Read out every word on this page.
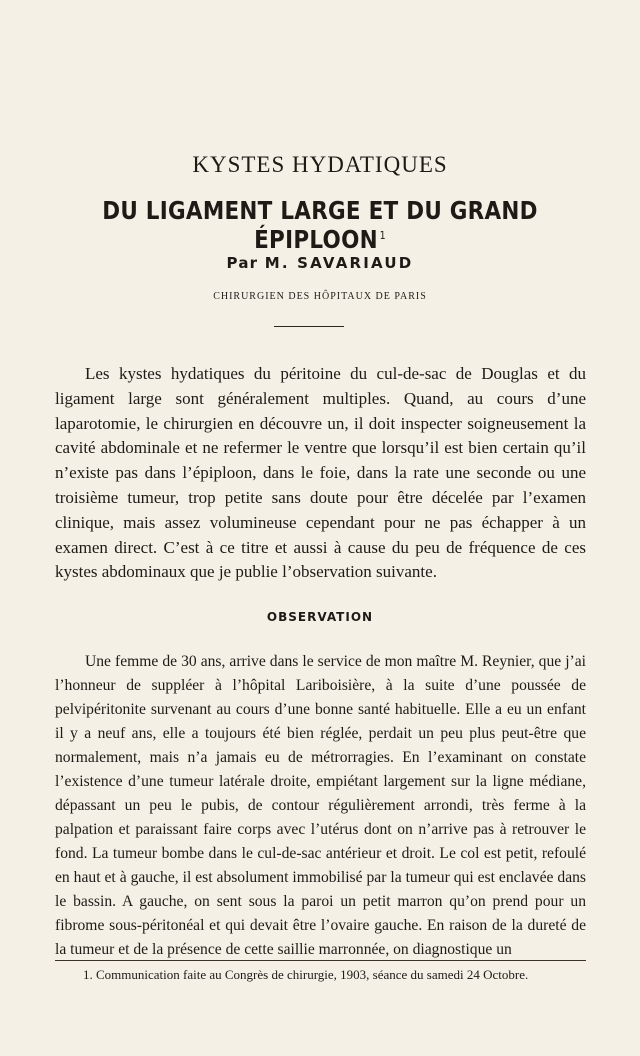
KYSTES HYDATIQUES
DU LIGAMENT LARGE ET DU GRAND ÉPIPLOON $^1$
Par M. SAVARIAUD
CHIRURGIEN DES HÔPITAUX DE PARIS

Les kystes hydatiques du péritoine du cul-de-sac de Douglas et du ligament large sont généralement multiples. Quand, au cours d’une laparotomie, le chirurgien en découvre un, il doit inspecter soigneusement la cavité abdominale et ne refermer le ventre que lorsqu’il est bien certain qu’il n’existe pas dans l’épiploon, dans le foie, dans la rate une seconde ou une troisième tumeur, trop petite sans doute pour être décelée par l’examen clinique, mais assez volumineuse cependant pour ne pas échapper à un examen direct. C’est à ce titre et aussi à cause du peu de fréquence de ces kystes abdominaux que je publie l’observation suivante.

OBSERVATION

Une femme de 30 ans, arrive dans le service de mon maître M. Reynier, que j’ai l’honneur de suppléer à l’hôpital Lariboisière, à la suite d’une poussée de pelvipéritonite survenant au cours d’une bonne santé habituelle. Elle a eu un enfant il y a neuf ans, elle a toujours été bien réglée, perdait un peu plus peut-être que normalement, mais n’a jamais eu de métrorragies. En l’examinant on constate l’existence d’une tumeur latérale droite, empiétant largement sur la ligne médiane, dépassant un peu le pubis, de contour régulièrement arrondi, très ferme à la palpation et paraissant faire corps avec l’utérus dont on n’arrive pas à retrouver le fond. La tumeur bombe dans le cul-de-sac antérieur et droit. Le col est petit, refoulé en haut et à gauche, il est absolument immobilisé par la tumeur qui est enclavée dans le bassin. A gauche, on sent sous la paroi un petit marron qu’on prend pour un fibrome sous-péritonéal et qui devait être l’ovaire gauche. En raison de la dureté de la tumeur et de la présence de cette saillie marronnée, on diagnostique un

1. Communication faite au Congrès de chirurgie, 1903, séance du samedi 24 Octobre.
